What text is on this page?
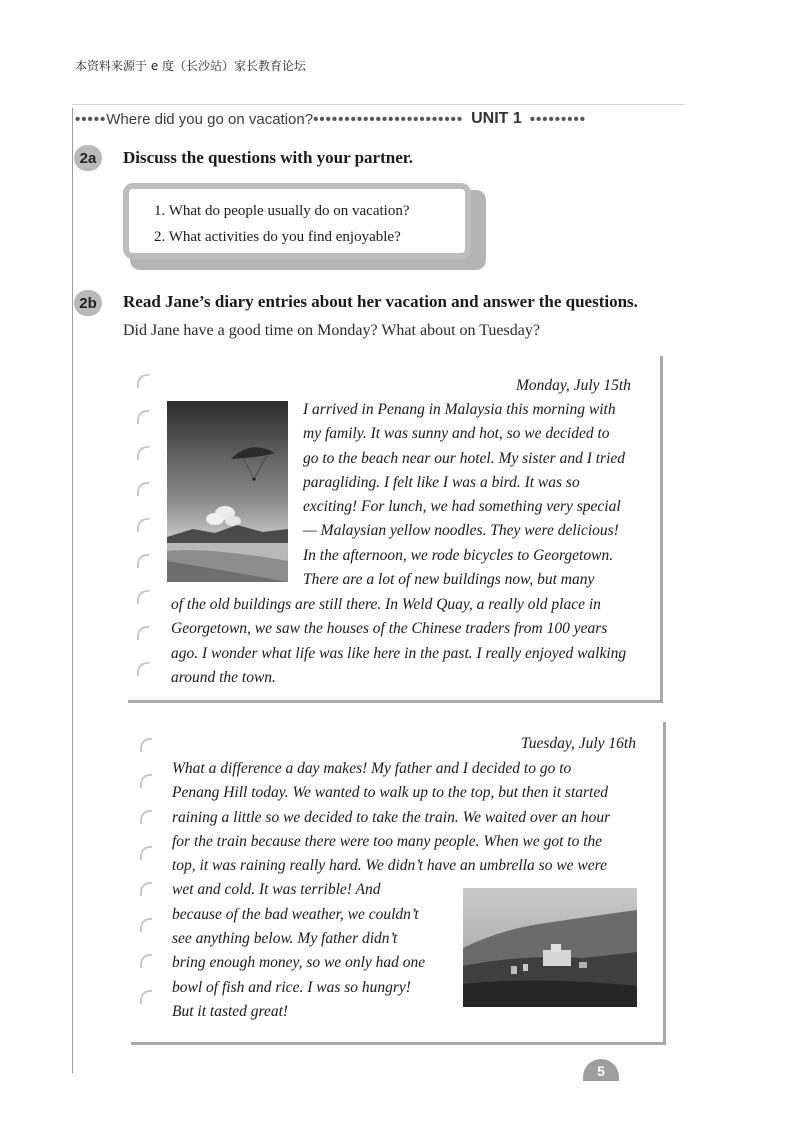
本资料来源于 e 度（长沙站）家长教育论坛
••••• Where did you go on vacation? •••••••••••••••••••••••• UNIT 1 •••••••••
2a	Discuss the questions with your partner.
1. What do people usually do on vacation?
2. What activities do you find enjoyable?
2b	Read Jane’s diary entries about her vacation and answer the questions.
Did Jane have a good time on Monday? What about on Tuesday?
Monday, July 15th
I arrived in Penang in Malaysia this morning with
my family. It was sunny and hot, so we decided to
go to the beach near our hotel. My sister and I tried
paragliding. I felt like I was a bird. It was so
exciting! For lunch, we had something very special
— Malaysian yellow noodles. They were delicious!
In the afternoon, we rode bicycles to Georgetown.
There are a lot of new buildings now, but many
of the old buildings are still there. In Weld Quay, a really old place in
Georgetown, we saw the houses of the Chinese traders from 100 years
ago. I wonder what life was like here in the past. I really enjoyed walking
around the town.
Tuesday, July 16th
What a difference a day makes! My father and I decided to go to
Penang Hill today. We wanted to walk up to the top, but then it started
raining a little so we decided to take the train. We waited over an hour
for the train because there were too many people. When we got to the
top, it was raining really hard. We didn’t have an umbrella so we were
wet and cold. It was terrible! And
because of the bad weather, we couldn’t
see anything below. My father didn’t
bring enough money, so we only had one
bowl of fish and rice. I was so hungry!
But it tasted great!
5
